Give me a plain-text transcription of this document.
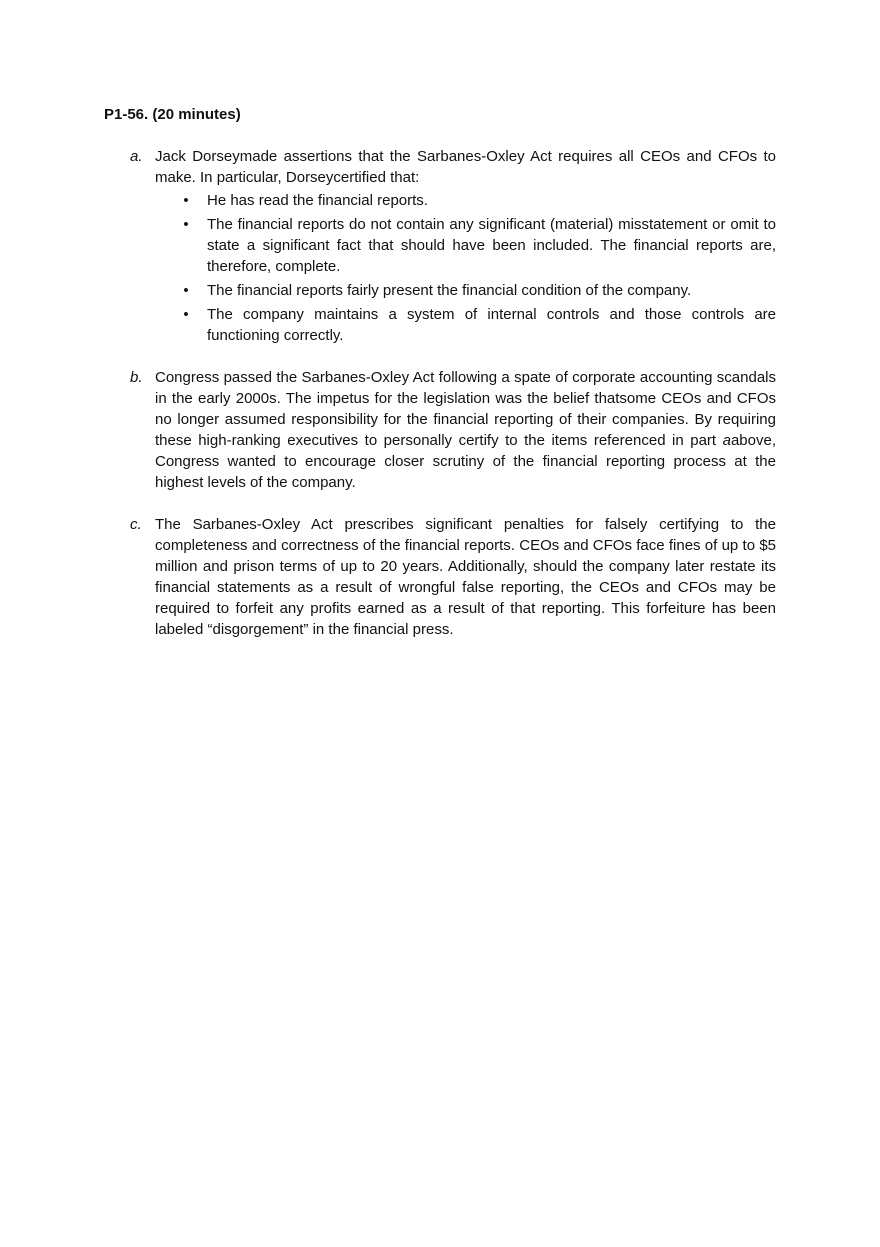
P1-56. (20 minutes)
a. Jack Dorseymade assertions that the Sarbanes-Oxley Act requires all CEOs and CFOs to make. In particular, Dorseycertified that:
• He has read the financial reports.
• The financial reports do not contain any significant (material) misstatement or omit to state a significant fact that should have been included. The financial reports are, therefore, complete.
• The financial reports fairly present the financial condition of the company.
• The company maintains a system of internal controls and those controls are functioning correctly.
b. Congress passed the Sarbanes-Oxley Act following a spate of corporate accounting scandals in the early 2000s. The impetus for the legislation was the belief thatsome CEOs and CFOs no longer assumed responsibility for the financial reporting of their companies. By requiring these high-ranking executives to personally certify to the items referenced in part aabove, Congress wanted to encourage closer scrutiny of the financial reporting process at the highest levels of the company.
c. The Sarbanes-Oxley Act prescribes significant penalties for falsely certifying to the completeness and correctness of the financial reports. CEOs and CFOs face fines of up to $5 million and prison terms of up to 20 years. Additionally, should the company later restate its financial statements as a result of wrongful false reporting, the CEOs and CFOs may be required to forfeit any profits earned as a result of that reporting. This forfeiture has been labeled “disgorgement” in the financial press.
